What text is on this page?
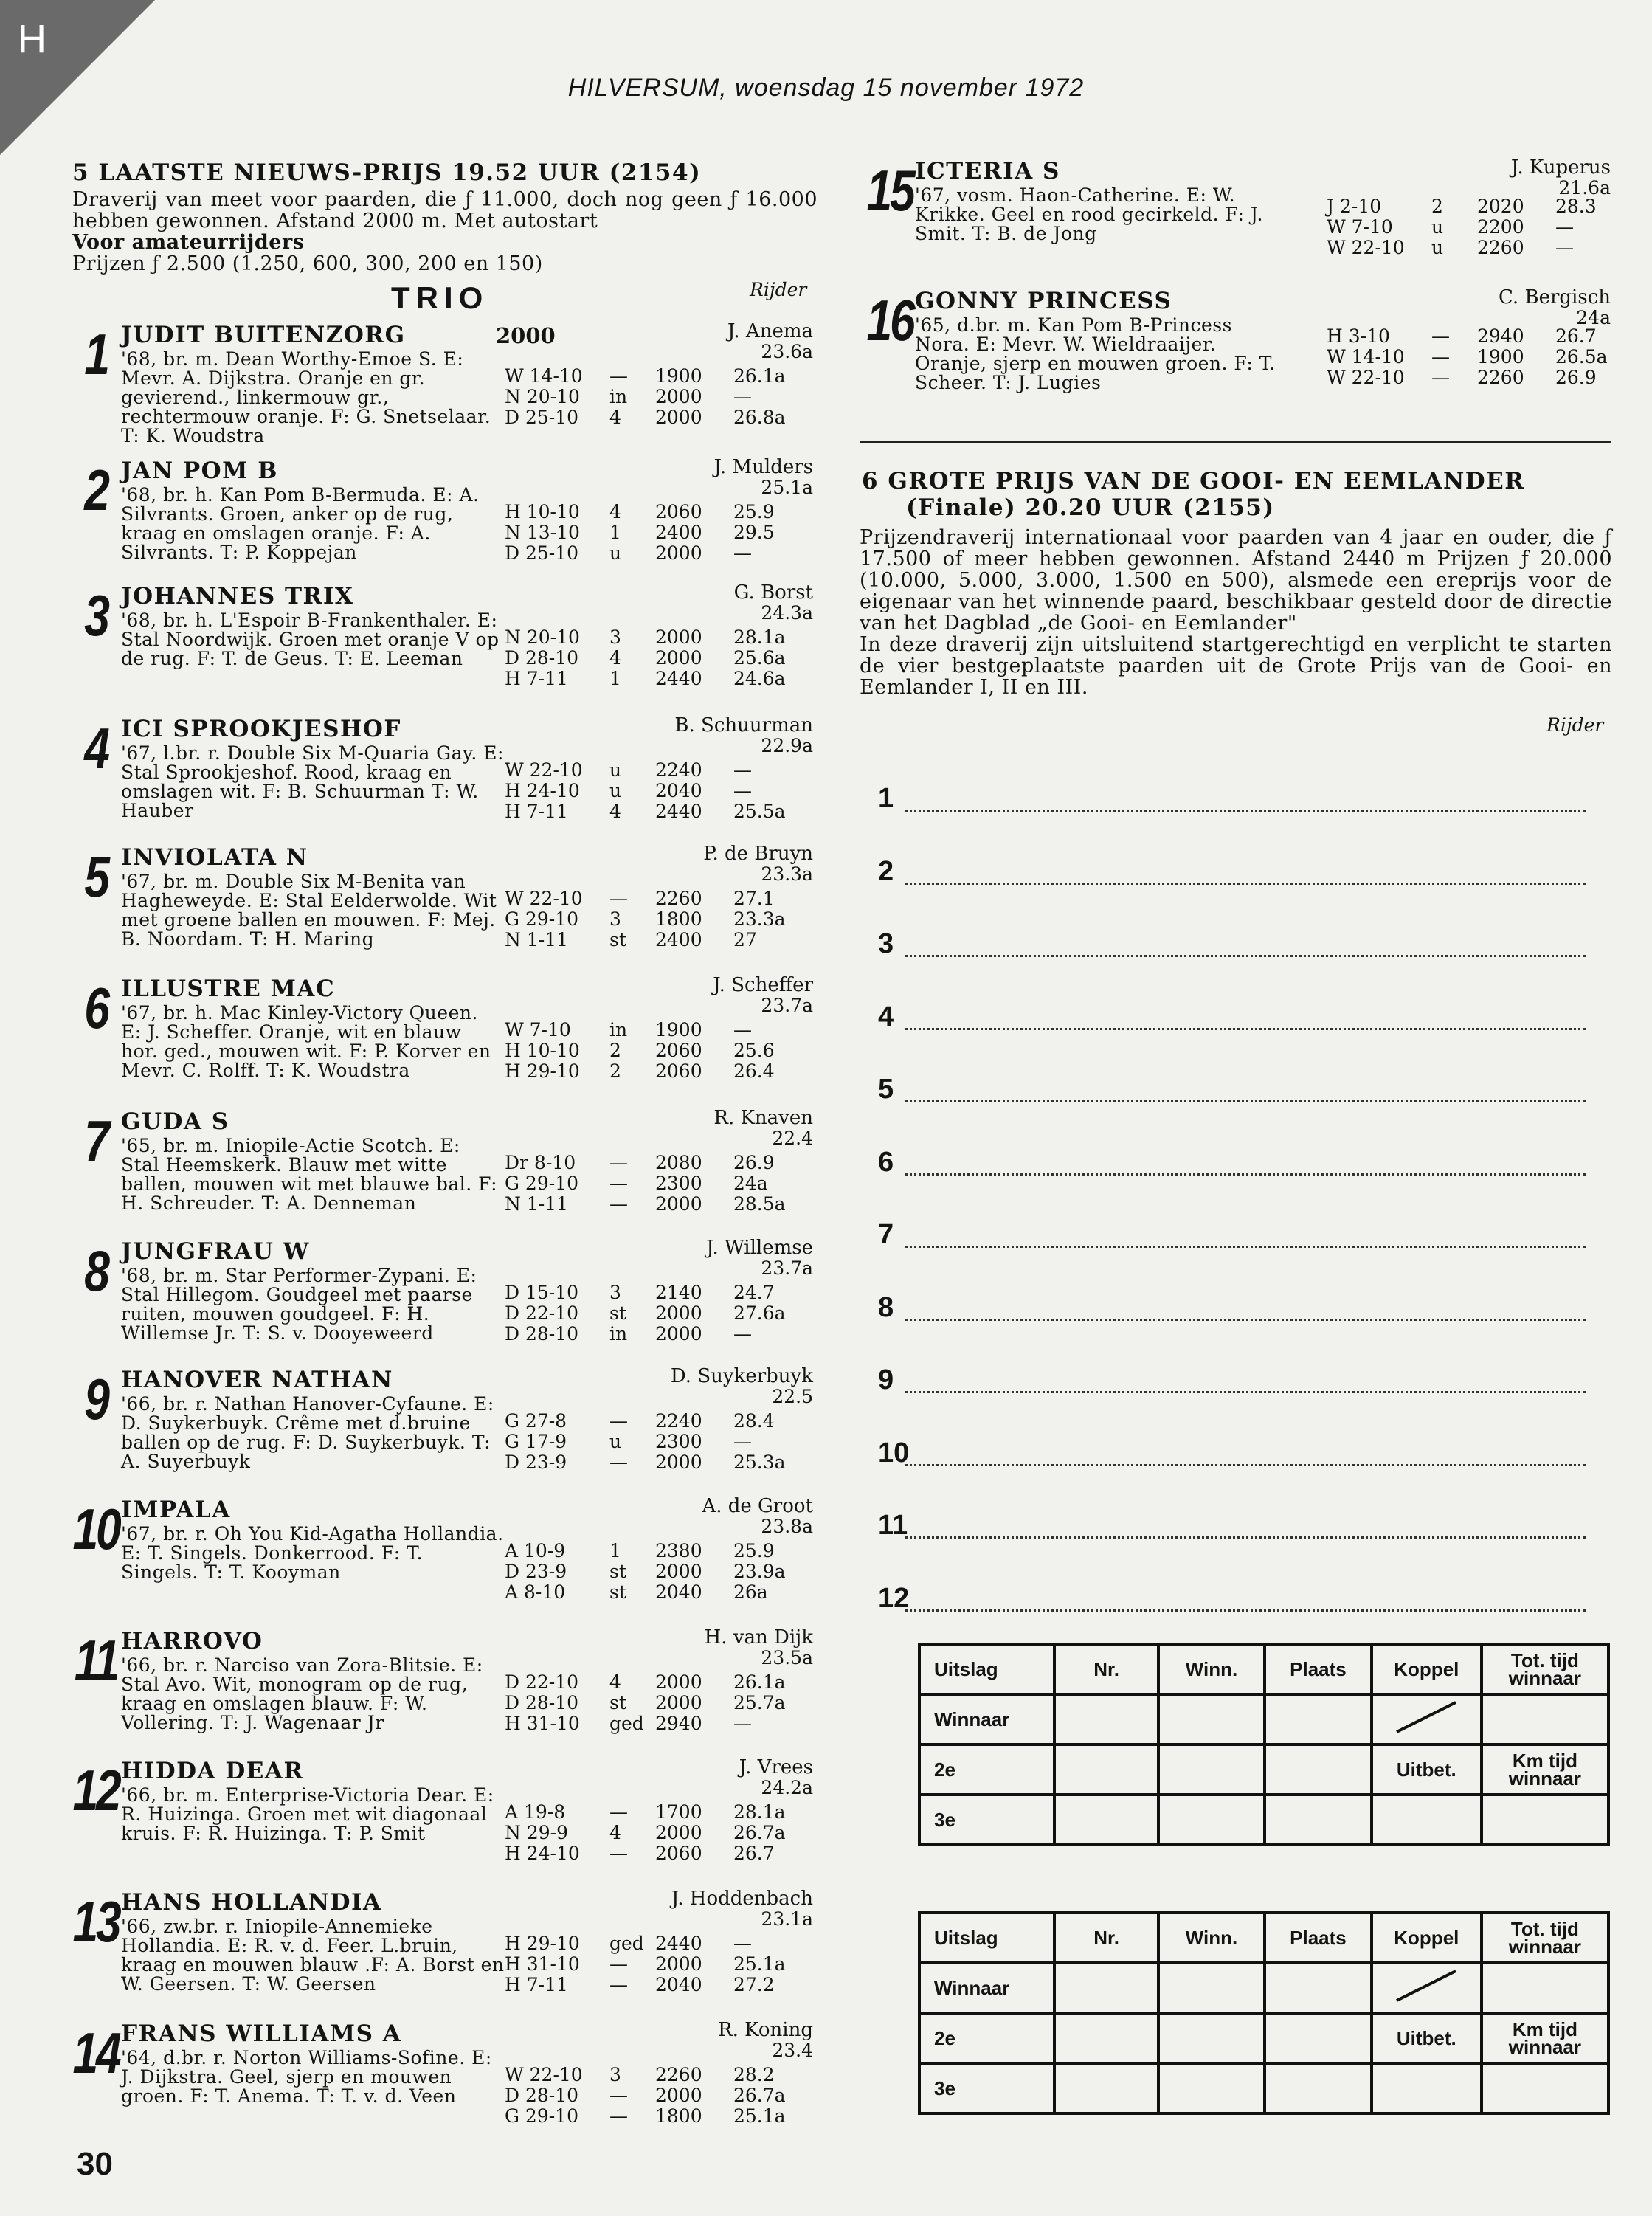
H
HILVERSUM, woensdag 15 november 1972
5 LAATSTE NIEUWS-PRIJS 19.52 UUR (2154)
Draverij van meet voor paarden, die ƒ 11.000, doch nog geen ƒ 16.000 hebben gewonnen. Afstand 2000 m. Met autostart
Voor amateurrijders
Prijzen ƒ 2.500 (1.250, 600, 300, 200 en 150)
TRIO	Rijder
1 JUDIT BUITENZORG	2000	J. Anema
23.6a
'68, br. m. Dean Worthy-Emoe S. E: Mevr. A. Dijkstra. Oranje en gr. gevierend., linkermouw gr., rechtermouw oranje. F: G. Snetselaar. T: K. Woudstra
W 14-10 — 1900 26.1a
N 20-10 in 2000 —
D 25-10 4 2000 26.8a
2 JAN POM B	J. Mulders
25.1a
'68, br. h. Kan Pom B-Bermuda. E: A. Silvrants. Groen, anker op de rug, kraag en omslagen oranje. F: A. Silvrants. T: P. Koppejan
H 10-10 4 2060 25.9
N 13-10 1 2400 29.5
D 25-10 u 2000 —
3 JOHANNES TRIX	G. Borst
24.3a
'68, br. h. L'Espoir B-Frankenthaler. E: Stal Noordwijk. Groen met oranje V op de rug. F: T. de Geus. T: E. Leeman
N 20-10 3 2000 28.1a
D 28-10 4 2000 25.6a
H 7-11 1 2440 24.6a
4 ICI SPROOKJESHOF	B. Schuurman
22.9a
'67, l.br. r. Double Six M-Quaria Gay. E: Stal Sprookjeshof. Rood, kraag en omslagen wit. F: B. Schuurman T: W. Hauber
W 22-10 u 2240 —
H 24-10 u 2040 —
H 7-11 4 2440 25.5a
5 INVIOLATA N	P. de Bruyn
23.3a
'67, br. m. Double Six M-Benita van Hagheweyde. E: Stal Eelderwolde. Wit met groene ballen en mouwen. F: Mej. B. Noordam. T: H. Maring
W 22-10 — 2260 27.1
G 29-10 3 1800 23.3a
N 1-11 st 2400 27
6 ILLUSTRE MAC	J. Scheffer
23.7a
'67, br. h. Mac Kinley-Victory Queen. E: J. Scheffer. Oranje, wit en blauw hor. ged., mouwen wit. F: P. Korver en Mevr. C. Rolff. T: K. Woudstra
W 7-10 in 1900 —
H 10-10 2 2060 25.6
H 29-10 2 2060 26.4
7 GUDA S	R. Knaven
22.4
'65, br. m. Iniopile-Actie Scotch. E: Stal Heemskerk. Blauw met witte ballen, mouwen wit met blauwe bal. F: H. Schreuder. T: A. Denneman
Dr 8-10 — 2080 26.9
G 29-10 — 2300 24a
N 1-11 — 2000 28.5a
8 JUNGFRAU W	J. Willemse
23.7a
'68, br. m. Star Performer-Zypani. E: Stal Hillegom. Goudgeel met paarse ruiten, mouwen goudgeel. F: H. Willemse Jr. T: S. v. Dooyeweerd
D 15-10 3 2140 24.7
D 22-10 st 2000 27.6a
D 28-10 in 2000 —
9 HANOVER NATHAN	D. Suykerbuyk
22.5
'66, br. r. Nathan Hanover-Cyfaune. E: D. Suykerbuyk. Crême met d.bruine ballen op de rug. F: D. Suykerbuyk. T: A. Suyerbuyk
G 27-8 — 2240 28.4
G 17-9 u 2300 —
D 23-9 — 2000 25.3a
10 IMPALA	A. de Groot
23.8a
'67, br. r. Oh You Kid-Agatha Hollandia. E: T. Singels. Donkerrood. F: T. Singels. T: T. Kooyman
A 10-9 1 2380 25.9
D 23-9 st 2000 23.9a
A 8-10 st 2040 26a
11 HARROVO	H. van Dijk
23.5a
'66, br. r. Narciso van Zora-Blitsie. E: Stal Avo. Wit, monogram op de rug, kraag en omslagen blauw. F: W. Vollering. T: J. Wagenaar Jr
D 22-10 4 2000 26.1a
D 28-10 st 2000 25.7a
H 31-10 ged 2940 —
12 HIDDA DEAR	J. Vrees
24.2a
'66, br. m. Enterprise-Victoria Dear. E: R. Huizinga. Groen met wit diagonaal kruis. F: R. Huizinga. T: P. Smit
A 19-8 — 1700 28.1a
N 29-9 4 2000 26.7a
H 24-10 — 2060 26.7
13 HANS HOLLANDIA	J. Hoddenbach
23.1a
'66, zw.br. r. Iniopile-Annemieke Hollandia. E: R. v. d. Feer. L.bruin, kraag en mouwen blauw .F: A. Borst en W. Geersen. T: W. Geersen
H 29-10 ged 2440 —
H 31-10 — 2000 25.1a
H 7-11 — 2040 27.2
14 FRANS WILLIAMS A	R. Koning
23.4
'64, d.br. r. Norton Williams-Sofine. E: J. Dijkstra. Geel, sjerp en mouwen groen. F: T. Anema. T: T. v. d. Veen
W 22-10 3 2260 28.2
D 28-10 — 2000 26.7a
G 29-10 — 1800 25.1a
15 ICTERIA S	J. Kuperus
21.6a
'67, vosm. Haon-Catherine. E: W. Krikke. Geel en rood gecirkeld. F: J. Smit. T: B. de Jong
J 2-10	2 2020 28.3
W 7-10 u 2200 —
W 22-10 u 2260 —
16 GONNY PRINCESS	C. Bergisch
24a
'65, d.br. m. Kan Pom B-Princess Nora. E: Mevr. W. Wieldraaijer. Oranje, sjerp en mouwen groen. F: T. Scheer. T: J. Lugies
H 3-10 — 2940 26.7
W 14-10 — 1900 26.5a
W 22-10 — 2260 26.9
6 GROTE PRIJS VAN DE GOOI- EN EEMLANDER
(Finale) 20.20 UUR (2155)
Prijzendraverij internationaal voor paarden van 4 jaar en ouder, die ƒ 17.500 of meer hebben gewonnen. Afstand 2440 m Prijzen ƒ 20.000 (10.000, 5.000, 3.000, 1.500 en 500), alsmede een ereprijs voor de eigenaar van het winnende paard, beschikbaar gesteld door de directie van het Dagblad „de Gooi- en Eemlander"
In deze draverij zijn uitsluitend startgerechtigd en verplicht te starten de vier bestgeplaatste paarden uit de Grote Prijs van de Gooi- en Eemlander I, II en III.
Rijder
1
2
3
4
5
6
7
8
9
10
11
12
Uitslag	Nr.	Winn.	Plaats	Koppel	Tot. tijd winnaar
Winnaar					
2e				Uitbet.	Km tijd winnaar
3e					
Uitslag	Nr.	Winn.	Plaats	Koppel	Tot. tijd winnaar
Winnaar					
2e				Uitbet.	Km tijd winnaar
3e					
30
